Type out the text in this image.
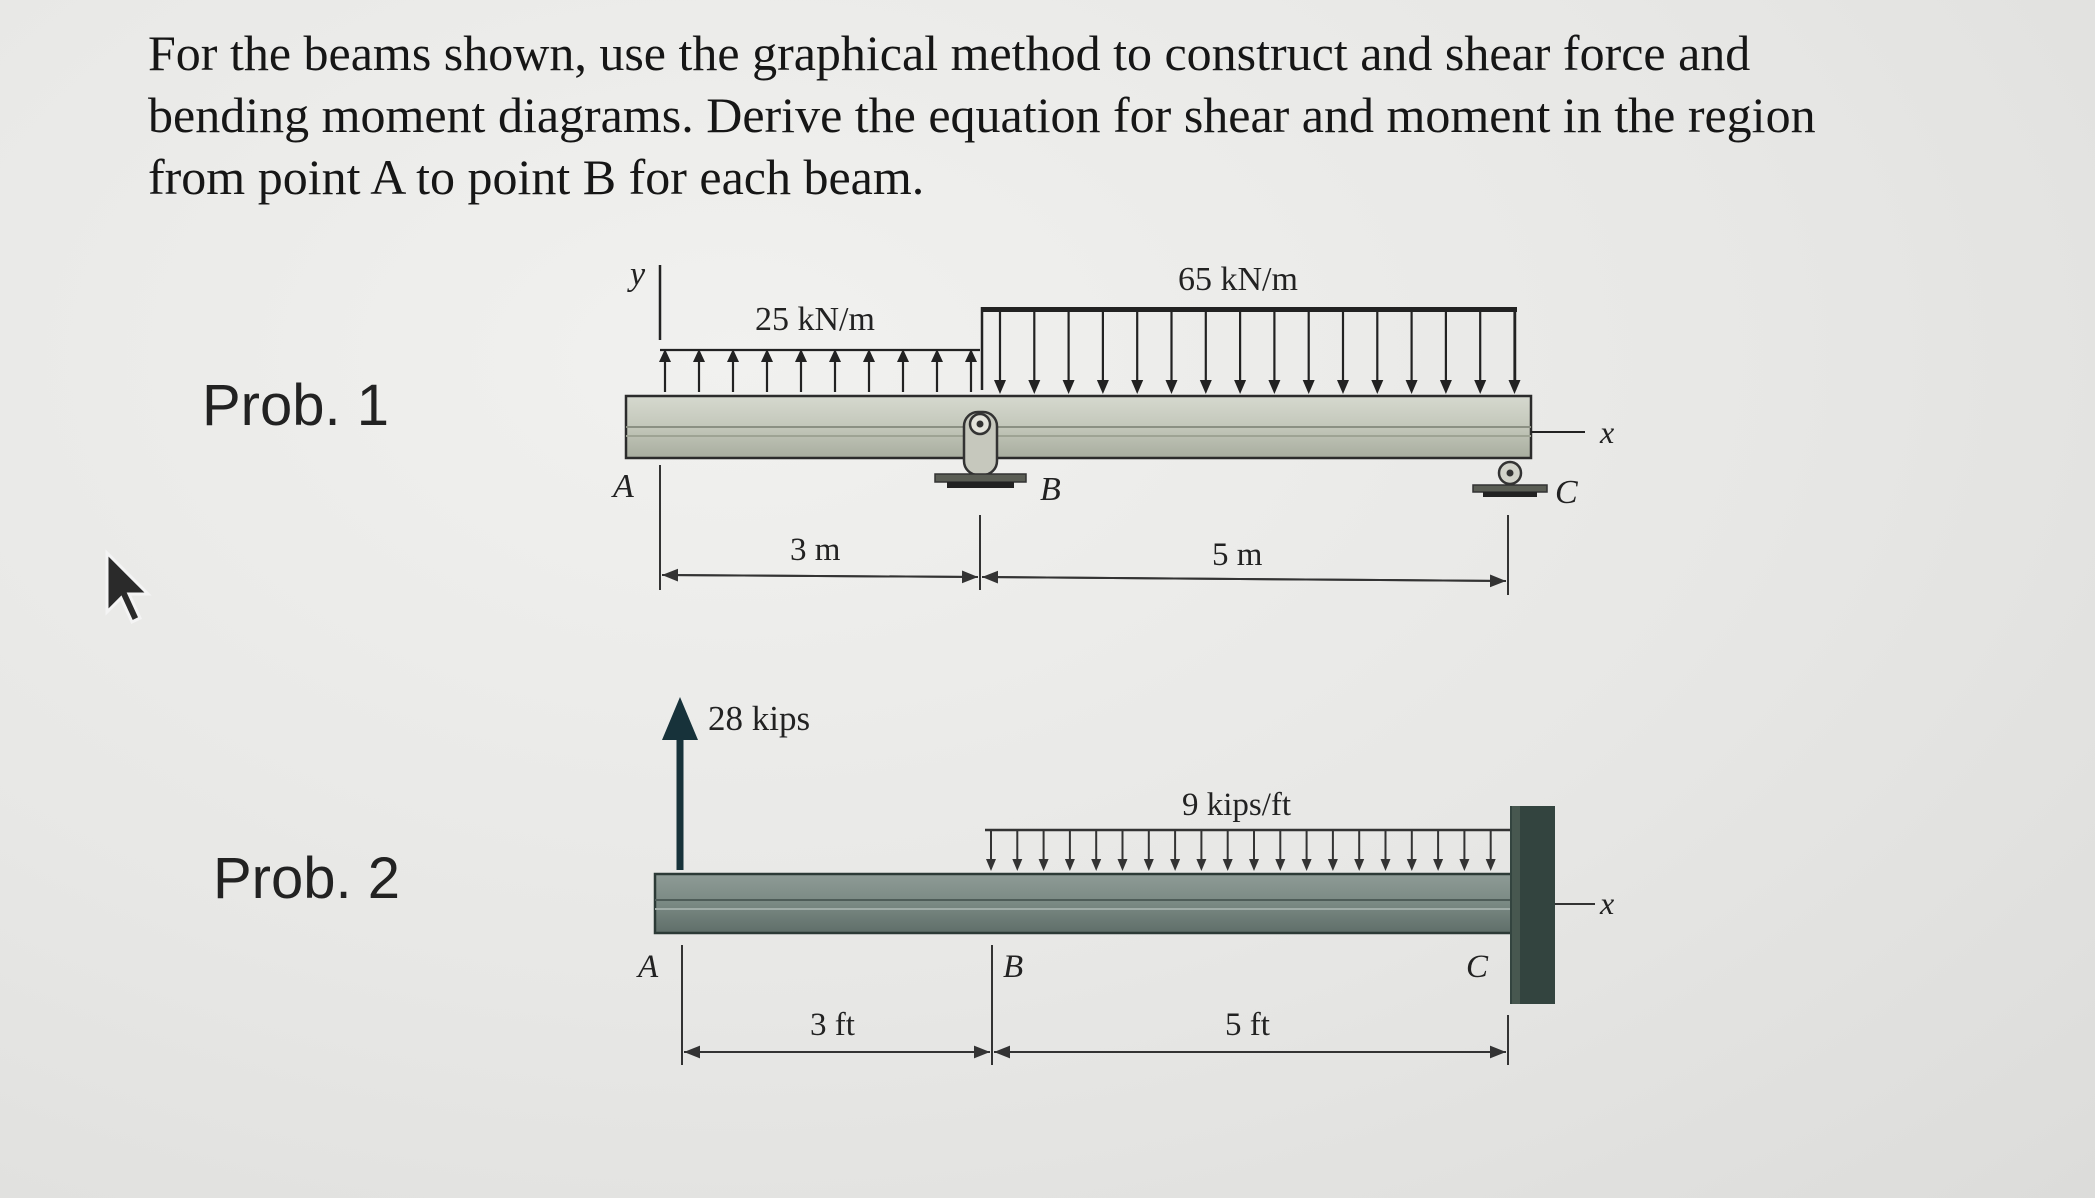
For the beams shown, use the graphical method to construct and shear force and
bending moment diagrams. Derive the equation for shear and moment in the region
from point A to point B for each beam.
Prob. 1
Prob. 2
y
25 kN/m
65 kN/m
x
A	B	C
3 m	5 m
28 kips
9 kips/ft
x
A	B	C
3 ft	5 ft
